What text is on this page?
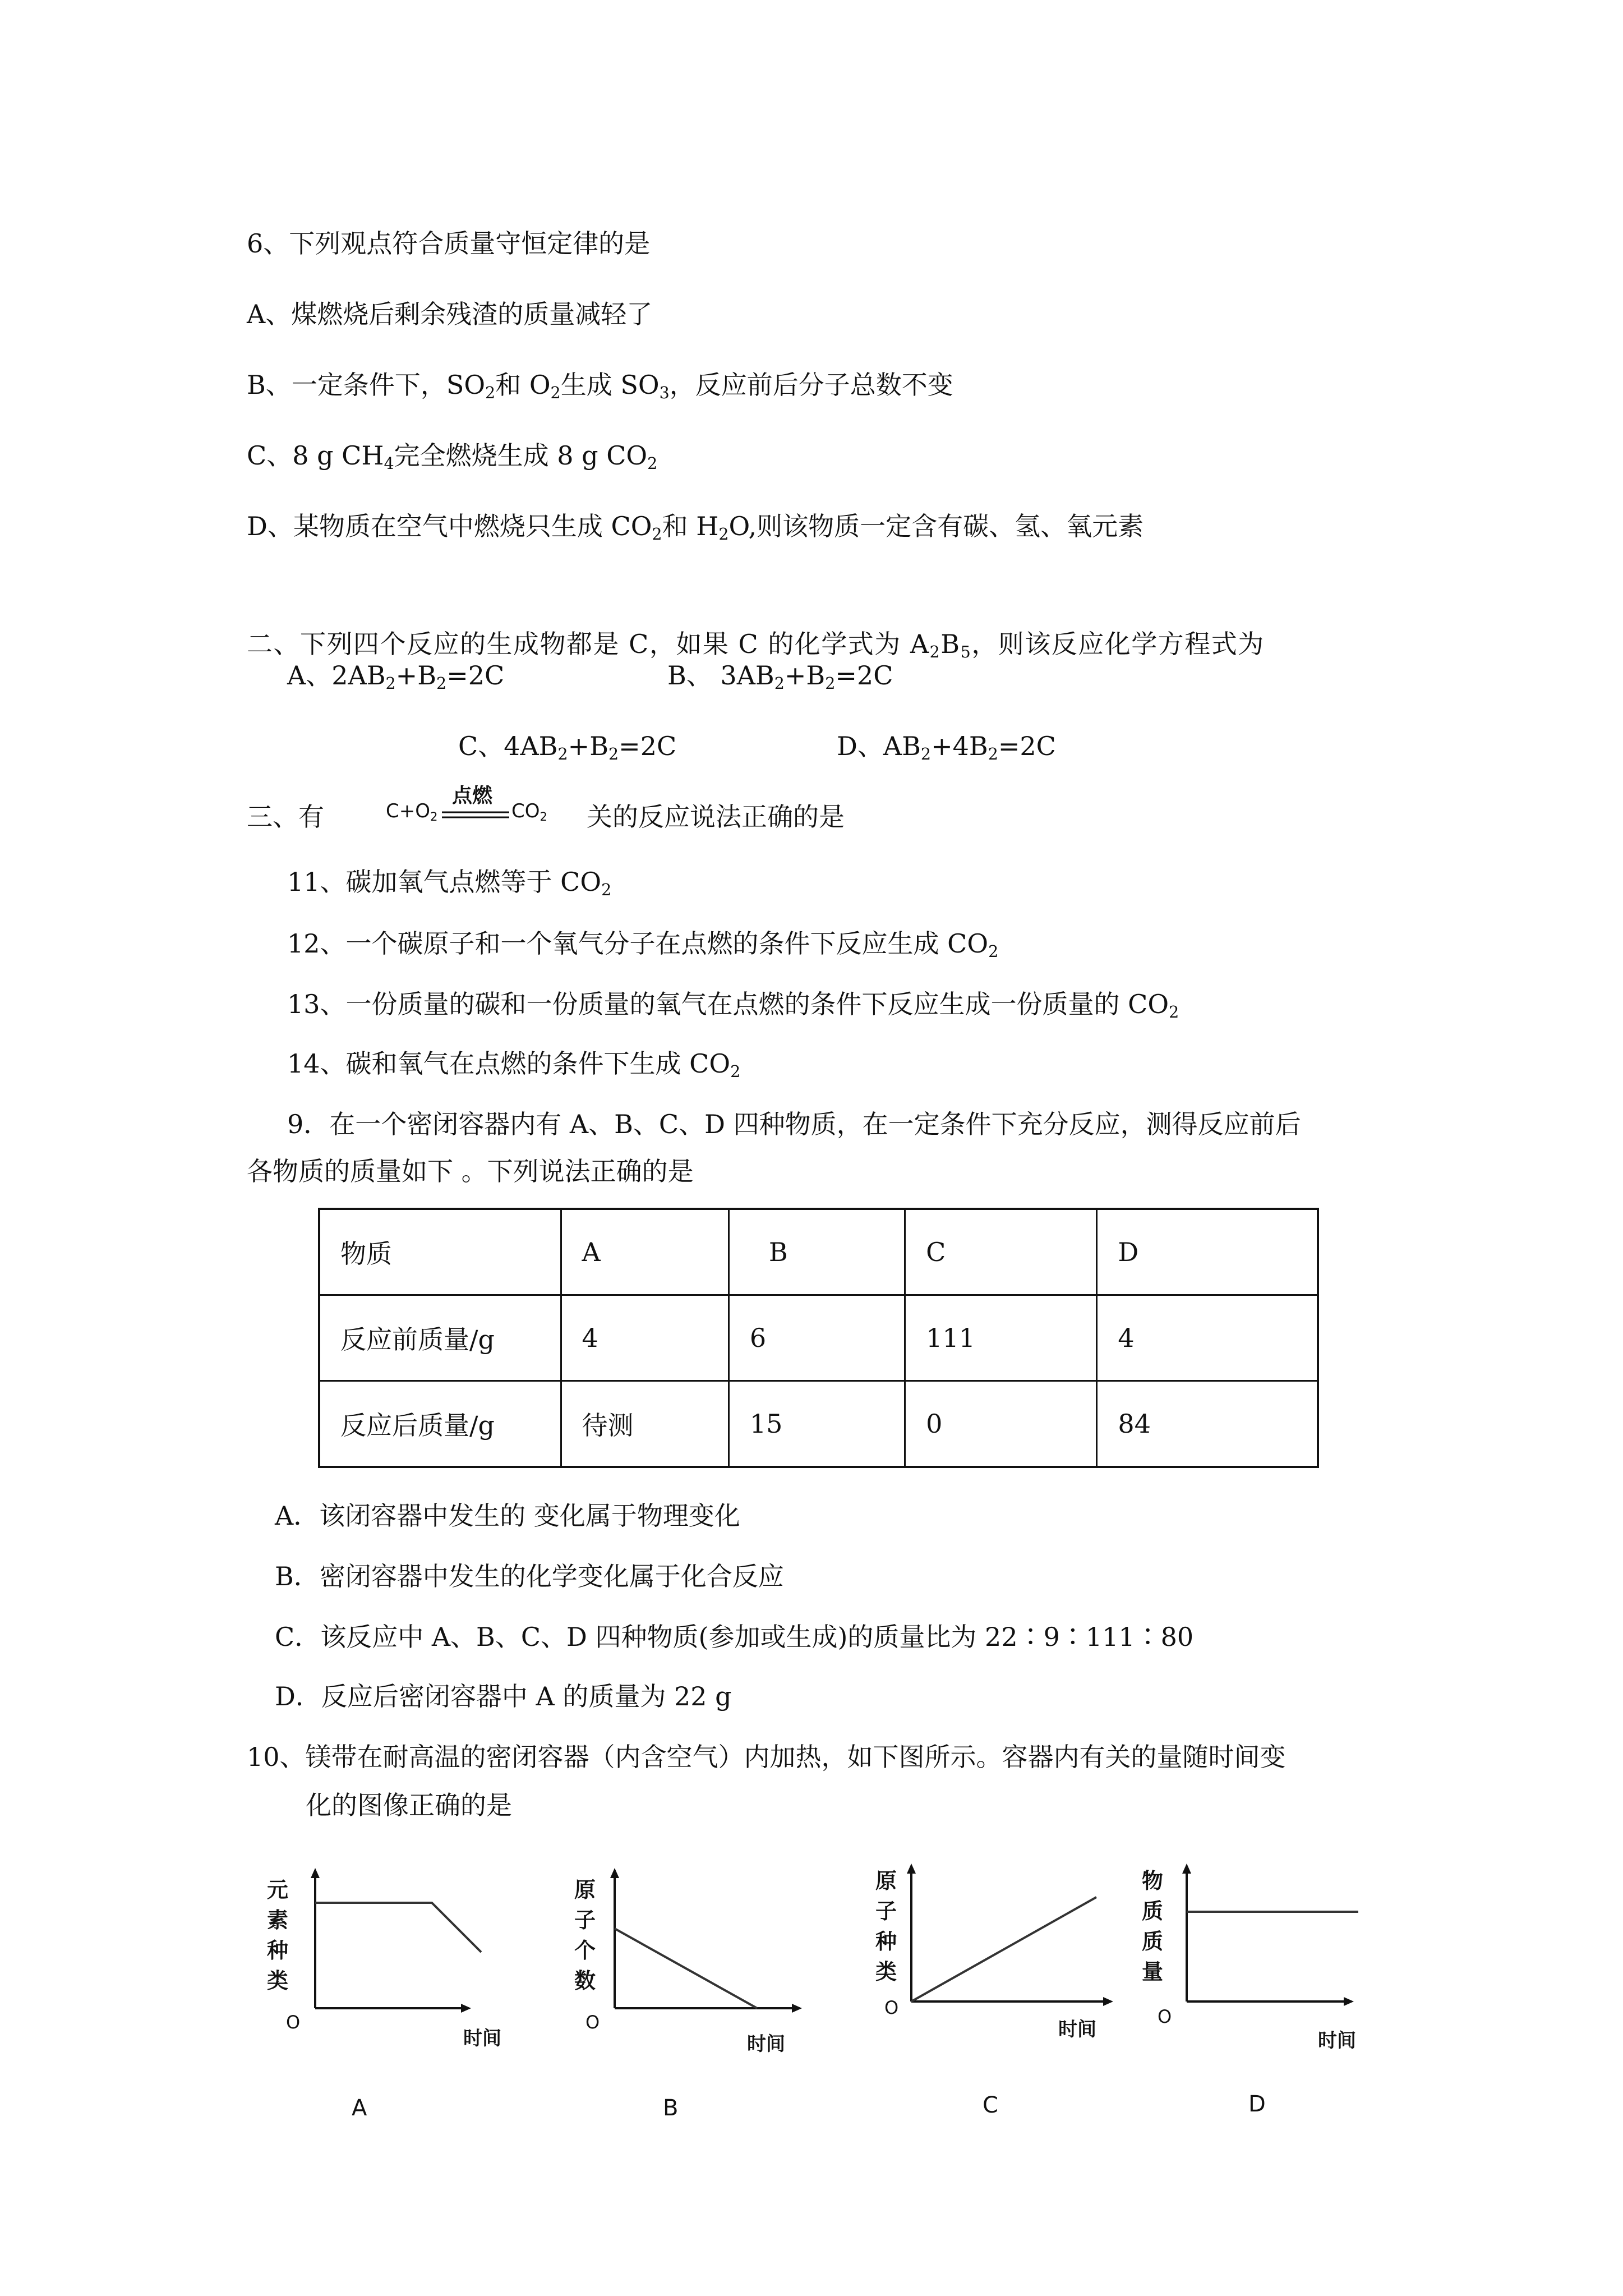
6、下列观点符合质量守恒定律的是

A、煤燃烧后剩余残渣的质量减轻了

B、一定条件下，$SO_2$和 $O_2$生成 $SO_3$，反应前后分子总数不变

C、8 g $CH_4$完全燃烧生成 8 g $CO_2$

D、某物质在空气中燃烧只生成 $CO_2$和 $H_2O$,则该物质一定含有碳、氢、氧元素

二、下列四个反应的生成物都是 C，如果 C 的化学式为 $A_2B_5$，则该反应化学方程式为

A、$2AB_2+B_2=2C$	B、 $3AB_2+B_2=2C$

C、$4AB_2+B_2=2C$	D、$AB_2+4B_2=2C$

三、有	$C+O_2$
点燃
$CO_2$ 关的反应说法正确的是

11、碳加氧气点燃等于 $CO_2$

12、一个碳原子和一个氧气分子在点燃的条件下反应生成 $CO_2$

13、一份质量的碳和一份质量的氧气在点燃的条件下反应生成一份质量的 $CO_2$

14、碳和氧气在点燃的条件下生成 $CO_2$

9．在一个密闭容器内有 A、B、C、D 四种物质，在一定条件下充分反应，测得反应前后

各物质的质量如下 。下列说法正确的是

物质	A	B	C	D
反应前质量/g	4	6	111	4
反应后质量/g	待测	15	0	84

A．该闭容器中发生的 变化属于物理变化

B．密闭容器中发生的化学变化属于化合反应

C．该反应中 A、B、C、D 四种物质(参加或生成)的质量比为 22∶9∶111∶80

D．反应后密闭容器中 A 的质量为 22 g

10、镁带在耐高温的密闭容器（内含空气）内加热，如下图所示。容器内有关的量随时间变

化的图像正确的是

元
素
种
类
O
时间
A
原
子
个
数
O
时间
B
原
子
种
类
O
时间
C
物
质
质
量
O
时间
D
